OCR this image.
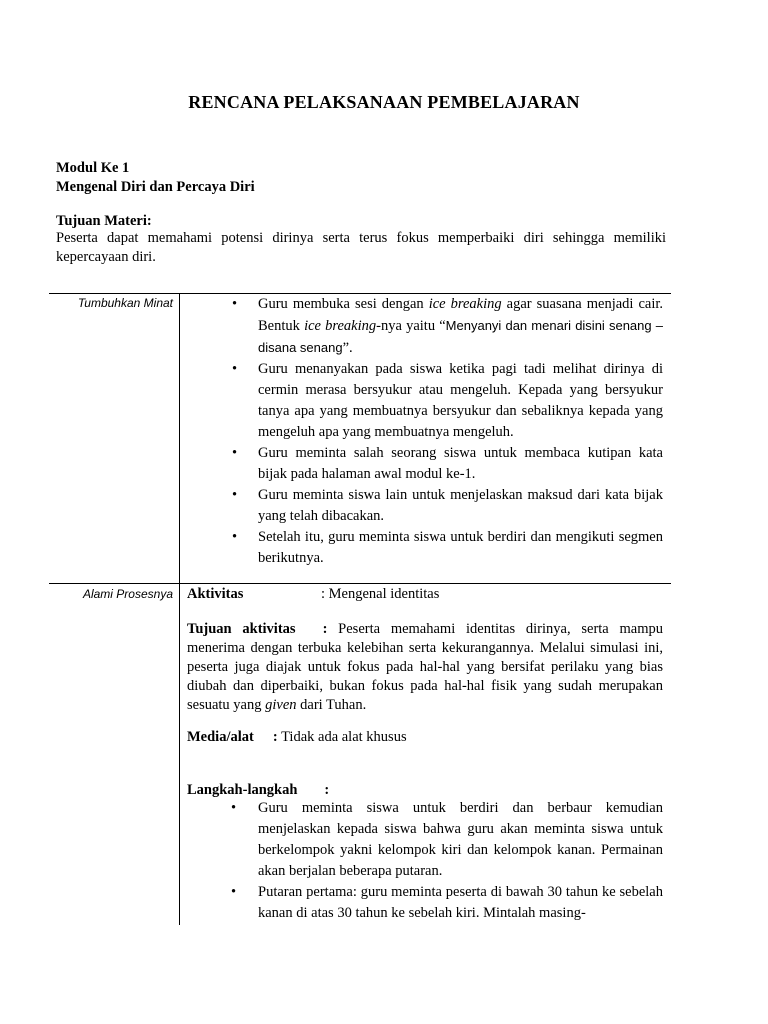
RENCANA PELAKSANAAN PEMBELAJARAN
Modul Ke 1
Mengenal Diri dan Percaya Diri
Tujuan Materi:
Peserta dapat memahami potensi dirinya serta terus fokus memperbaiki diri sehingga memiliki kepercayaan diri.
Tumbuhkan Minat
•	Guru membuka sesi dengan ice breaking agar suasana menjadi cair. Bentuk ice breaking-nya yaitu “Menyanyi dan menari disini senang – disana senang”.
• Guru menanyakan pada siswa ketika pagi tadi melihat dirinya di cermin merasa bersyukur atau mengeluh. Kepada yang bersyukur tanya apa yang membuatnya bersyukur dan sebaliknya kepada yang mengeluh apa yang membuatnya mengeluh.
• Guru meminta salah seorang siswa untuk membaca kutipan kata bijak pada halaman awal modul ke-1.
• Guru meminta siswa lain untuk menjelaskan maksud dari kata bijak yang telah dibacakan.
• Setelah itu, guru meminta siswa untuk berdiri dan mengikuti segmen berikutnya.
Alami Prosesnya Aktivitas	: Mengenal identitas
Tujuan aktivitas : Peserta memahami identitas dirinya, serta mampu menerima dengan terbuka kelebihan serta kekurangannya. Melalui simulasi ini, peserta juga diajak untuk fokus pada hal-hal yang bersifat perilaku yang bias diubah dan diperbaiki, bukan fokus pada hal-hal fisik yang sudah merupakan sesuatu yang given dari Tuhan.
Media/alat : Tidak ada alat khusus
Langkah-langkah :
• Guru meminta siswa untuk berdiri dan berbaur kemudian menjelaskan kepada siswa bahwa guru akan meminta siswa untuk berkelompok yakni kelompok kiri dan kelompok kanan. Permainan akan berjalan beberapa putaran.
• Putaran pertama: guru meminta peserta di bawah 30 tahun ke sebelah kanan di atas 30 tahun ke sebelah kiri. Mintalah masing-
